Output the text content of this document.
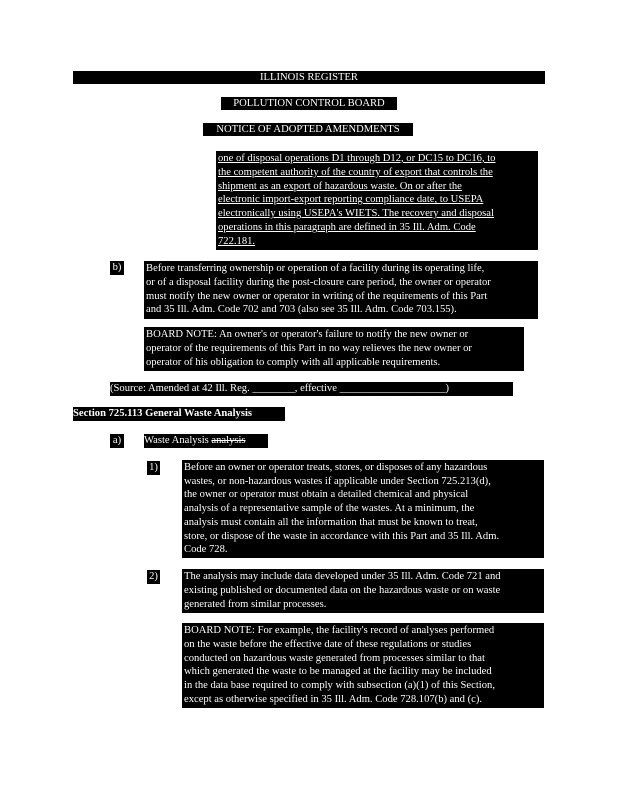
ILLINOIS REGISTER
POLLUTION CONTROL BOARD
NOTICE OF ADOPTED AMENDMENTS
one of disposal operations D1 through D12, or DC15 to DC16, to
the competent authority of the country of export that controls the
shipment as an export of hazardous waste. On or after the
electronic import-export reporting compliance date, to USEPA
electronically using USEPA's WIETS. The recovery and disposal
operations in this paragraph are defined in 35 Ill. Adm. Code
722.181.
b) Before transferring ownership or operation of a facility during its operating life,
or of a disposal facility during the post-closure care period, the owner or operator
must notify the new owner or operator in writing of the requirements of this Part
and 35 Ill. Adm. Code 702 and 703 (also see 35 Ill. Adm. Code 703.155).
BOARD NOTE: An owner's or operator's failure to notify the new owner or
operator of the requirements of this Part in no way relieves the new owner or
operator of his obligation to comply with all applicable requirements.
(Source: Amended at 42 Ill. Reg. ________, effective ____________________)
Section 725.113 General Waste Analysis
a) Waste Analysis analysis
1) Before an owner or operator treats, stores, or disposes of any hazardous
wastes, or non-hazardous wastes if applicable under Section 725.213(d),
the owner or operator must obtain a detailed chemical and physical
analysis of a representative sample of the wastes. At a minimum, the
analysis must contain all the information that must be known to treat,
store, or dispose of the waste in accordance with this Part and 35 Ill. Adm.
Code 728.
2) The analysis may include data developed under 35 Ill. Adm. Code 721 and
existing published or documented data on the hazardous waste or on waste
generated from similar processes.
BOARD NOTE: For example, the facility's record of analyses performed
on the waste before the effective date of these regulations or studies
conducted on hazardous waste generated from processes similar to that
which generated the waste to be managed at the facility may be included
in the data base required to comply with subsection (a)(1) of this Section,
except as otherwise specified in 35 Ill. Adm. Code 728.107(b) and (c).
